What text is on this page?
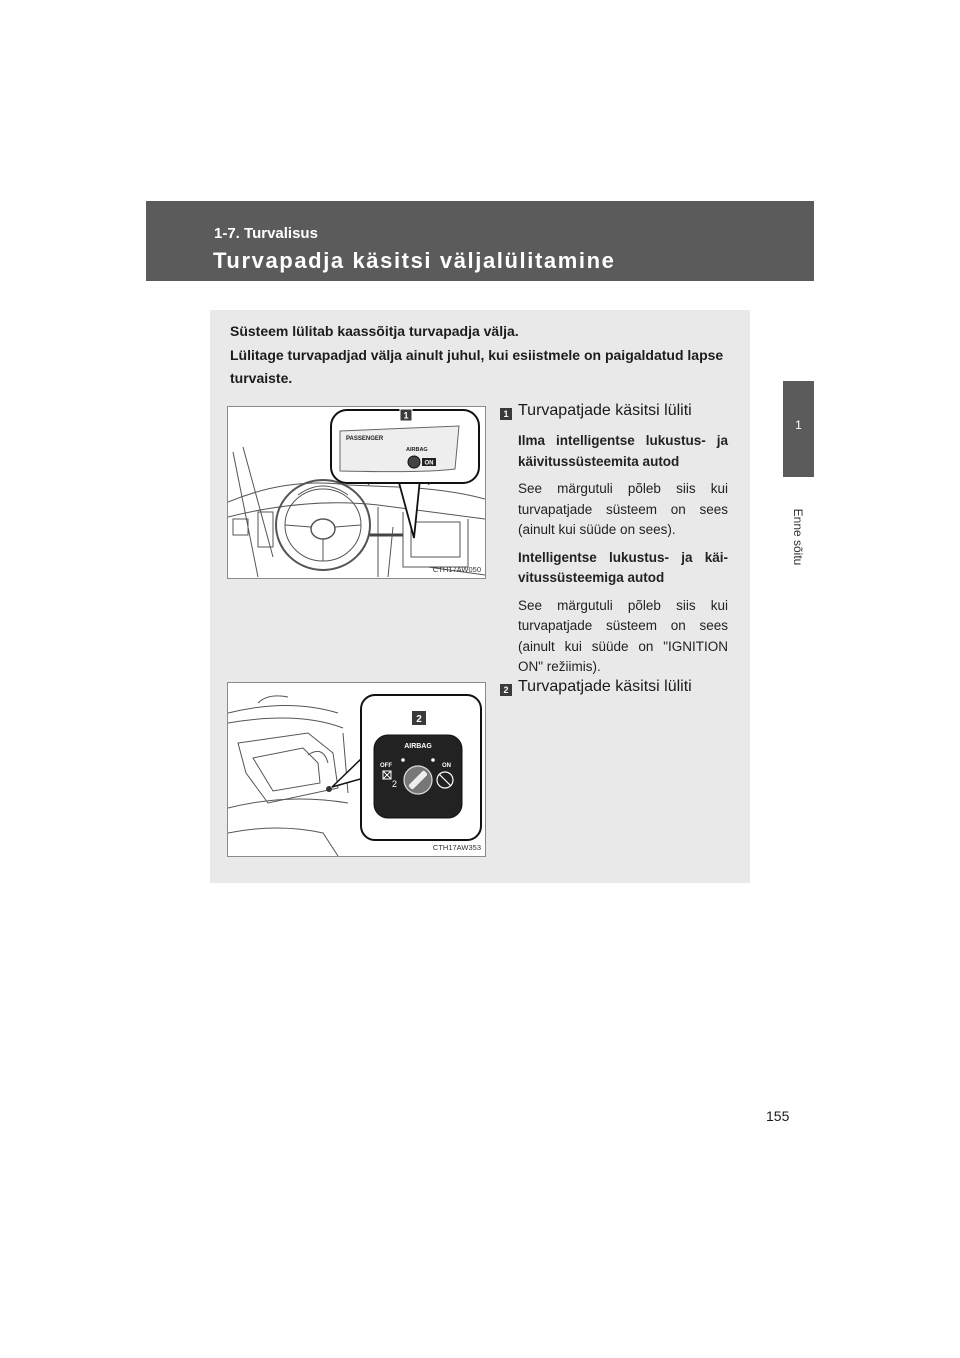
1-7. Turvalisus
Turvapadja käsitsi väljalülitamine
1
Enne sõitu
Süsteem lülitab kaassõitja turvapadja välja.
Lülitage turvapadjad välja ainult juhul, kui esiistmele on paigaldatud lapse turvaiste.
1
PASSENGER
AIRBAG
ON
CTH17AW050
2
AIRBAG
OFF	ON
2
CTH17AW353
1 Turvapatjade käsitsi lüliti

Ilma intelligentse lukustus- ja käivitussüsteemita autod

See märgutuli põleb siis kui turvapatjade süsteem on sees (ainult kui süüde on sees).

Intelligentse lukustus- ja käi- vitussüsteemiga autod

See märgutuli põleb siis kui turvapatjade süsteem on sees (ainult kui süüde on "IGNITION ON" režiimis).

2 Turvapatjade käsitsi lüliti
155
